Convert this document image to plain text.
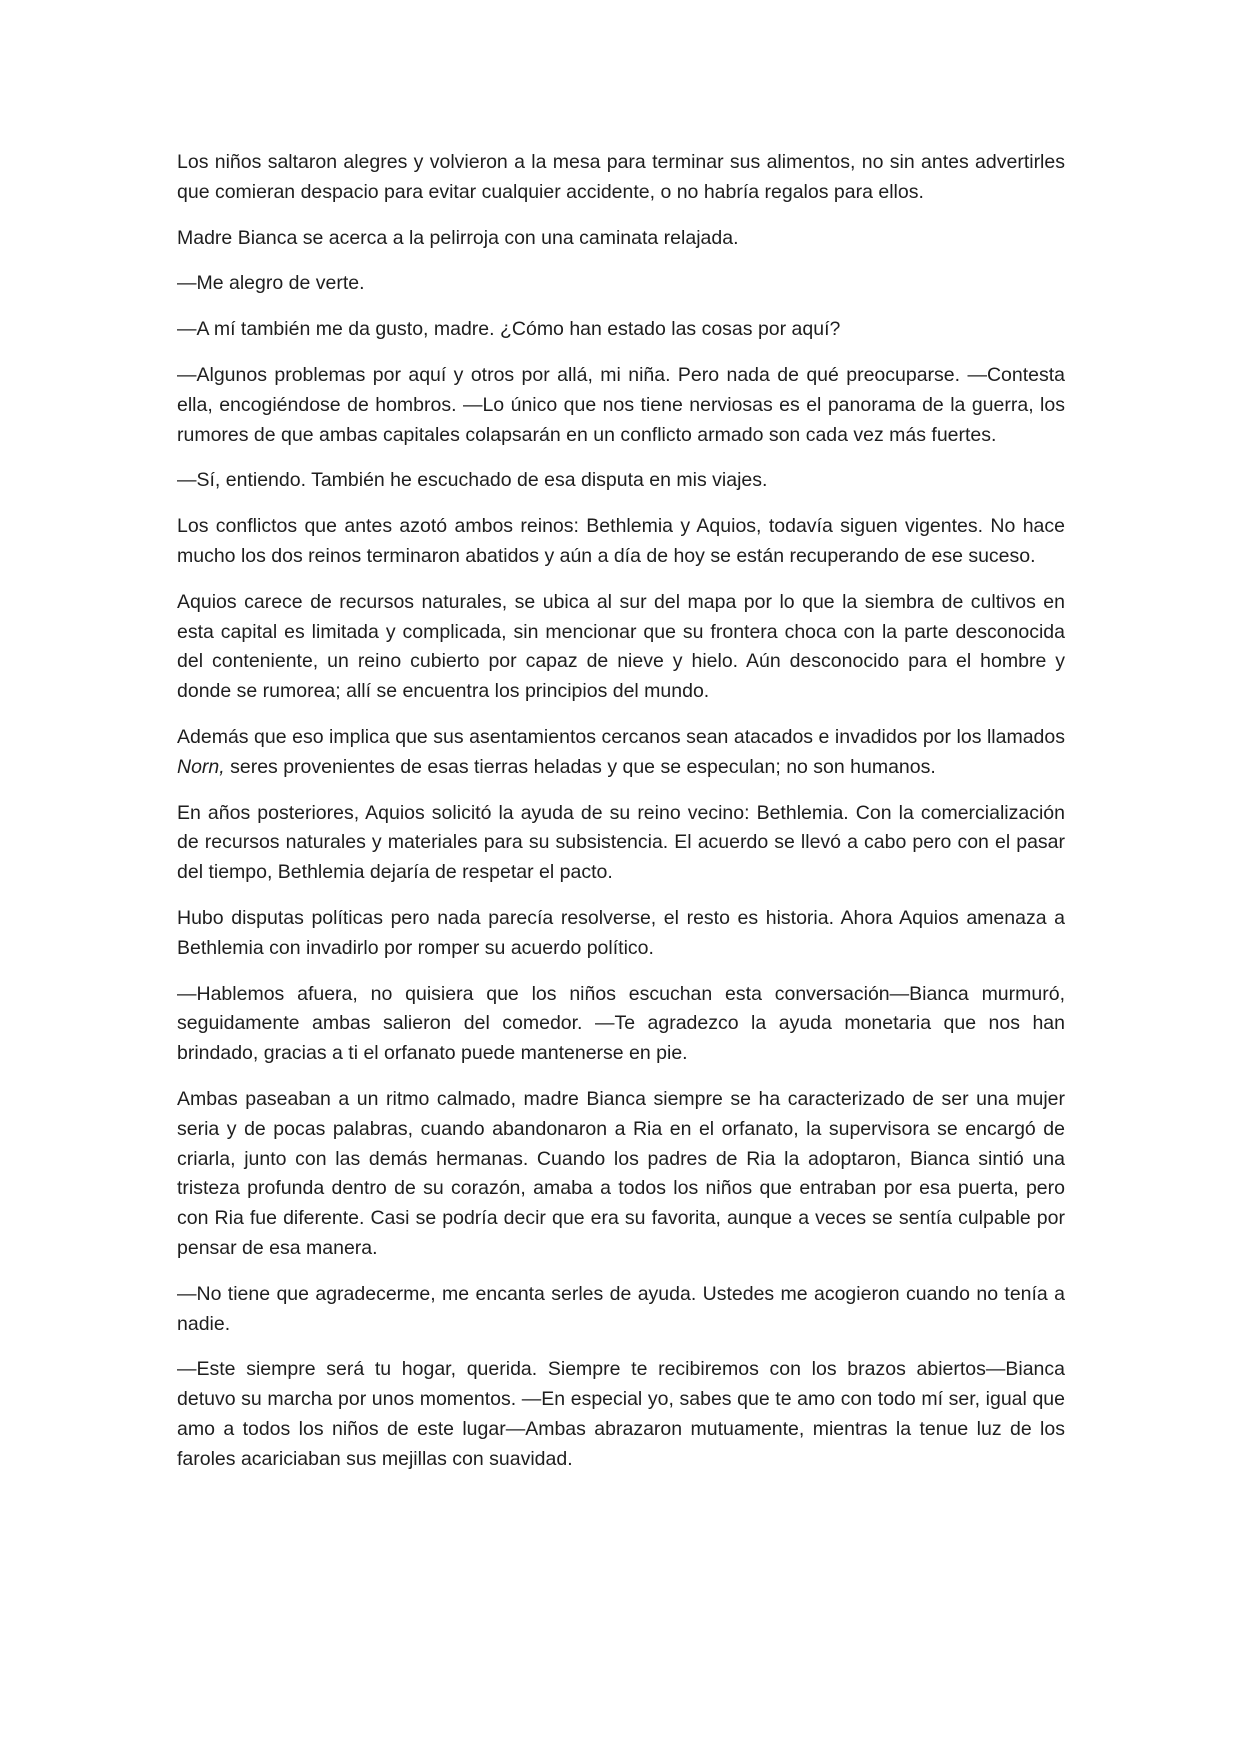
Los niños saltaron alegres y volvieron a la mesa para terminar sus alimentos, no sin antes advertirles que comieran despacio para evitar cualquier accidente, o no habría regalos para ellos.

Madre Bianca se acerca a la pelirroja con una caminata relajada.

—Me alegro de verte.

—A mí también me da gusto, madre. ¿Cómo han estado las cosas por aquí?

—Algunos problemas por aquí y otros por allá, mi niña. Pero nada de qué preocuparse. —Contesta ella, encogiéndose de hombros. —Lo único que nos tiene nerviosas es el panorama de la guerra, los rumores de que ambas capitales colapsarán en un conflicto armado son cada vez más fuertes.

—Sí, entiendo. También he escuchado de esa disputa en mis viajes.

Los conflictos que antes azotó ambos reinos: Bethlemia y Aquios, todavía siguen vigentes. No hace mucho los dos reinos terminaron abatidos y aún a día de hoy se están recuperando de ese suceso.

Aquios carece de recursos naturales, se ubica al sur del mapa por lo que la siembra de cultivos en esta capital es limitada y complicada, sin mencionar que su frontera choca con la parte desconocida del conteniente, un reino cubierto por capaz de nieve y hielo. Aún desconocido para el hombre y donde se rumorea; allí se encuentra los principios del mundo.

Además que eso implica que sus asentamientos cercanos sean atacados e invadidos por los llamados Norn, seres provenientes de esas tierras heladas y que se especulan; no son humanos.

En años posteriores, Aquios solicitó la ayuda de su reino vecino: Bethlemia. Con la comercialización de recursos naturales y materiales para su subsistencia. El acuerdo se llevó a cabo pero con el pasar del tiempo, Bethlemia dejaría de respetar el pacto.

Hubo disputas políticas pero nada parecía resolverse, el resto es historia. Ahora Aquios amenaza a Bethlemia con invadirlo por romper su acuerdo político.

—Hablemos afuera, no quisiera que los niños escuchan esta conversación—Bianca murmuró, seguidamente ambas salieron del comedor. —Te agradezco la ayuda monetaria que nos han brindado, gracias a ti el orfanato puede mantenerse en pie.

Ambas paseaban a un ritmo calmado, madre Bianca siempre se ha caracterizado de ser una mujer seria y de pocas palabras, cuando abandonaron a Ria en el orfanato, la supervisora se encargó de criarla, junto con las demás hermanas. Cuando los padres de Ria la adoptaron, Bianca sintió una tristeza profunda dentro de su corazón, amaba a todos los niños que entraban por esa puerta, pero con Ria fue diferente. Casi se podría decir que era su favorita, aunque a veces se sentía culpable por pensar de esa manera.

—No tiene que agradecerme, me encanta serles de ayuda. Ustedes me acogieron cuando no tenía a nadie.

—Este siempre será tu hogar, querida. Siempre te recibiremos con los brazos abiertos—Bianca detuvo su marcha por unos momentos. —En especial yo, sabes que te amo con todo mí ser, igual que amo a todos los niños de este lugar—Ambas abrazaron mutuamente, mientras la tenue luz de los faroles acariciaban sus mejillas con suavidad.
